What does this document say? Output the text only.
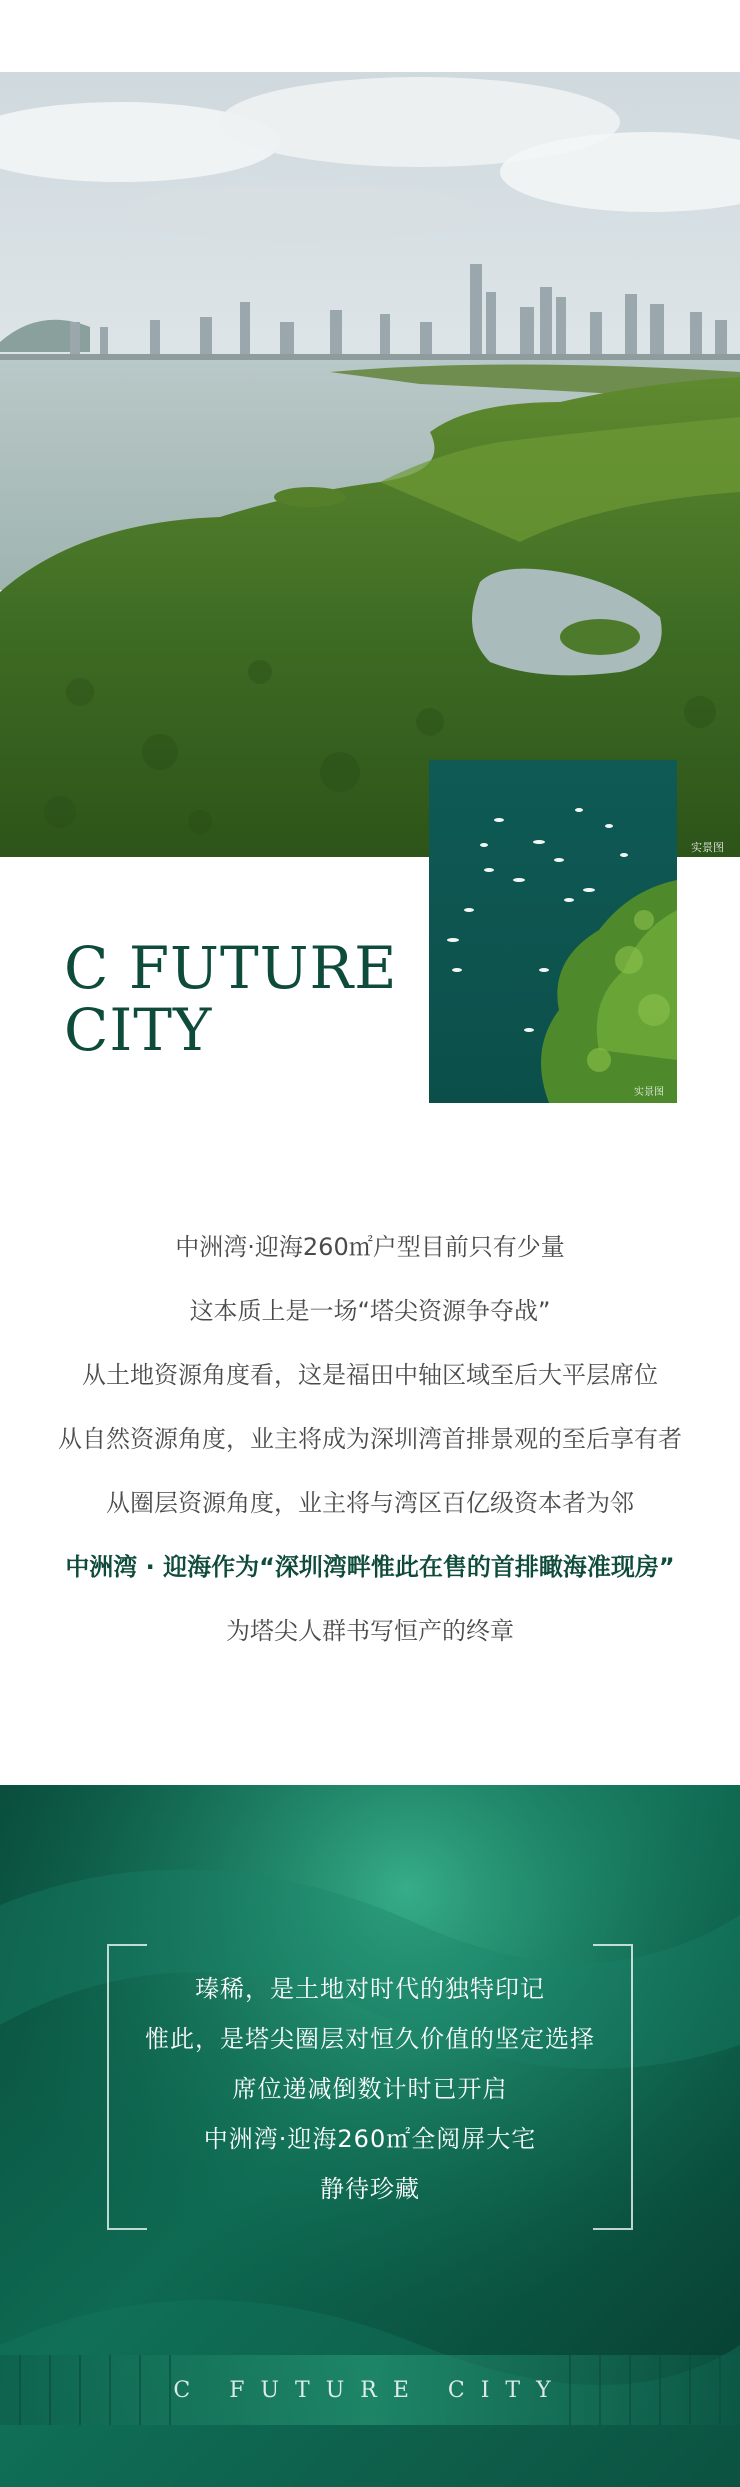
实景图
实景图
C FUTURE
CITY

中洲湾·迎海260㎡户型目前只有少量

这本质上是一场“塔尖资源争夺战”

从土地资源角度看，这是福田中轴区域至后大平层席位

从自然资源角度，业主将成为深圳湾首排景观的至后享有者

从圈层资源角度，业主将与湾区百亿级资本者为邻

中洲湾 · 迎海作为“深圳湾畔惟此在售的首排瞰海准现房”

为塔尖人群书写恒产的终章

瑧稀，是土地对时代的独特印记

惟此，是塔尖圈层对恒久价值的坚定选择

席位递减倒数计时已开启

中洲湾·迎海260㎡全阅屏大宅

静待珍藏

C FUTURE CITY
